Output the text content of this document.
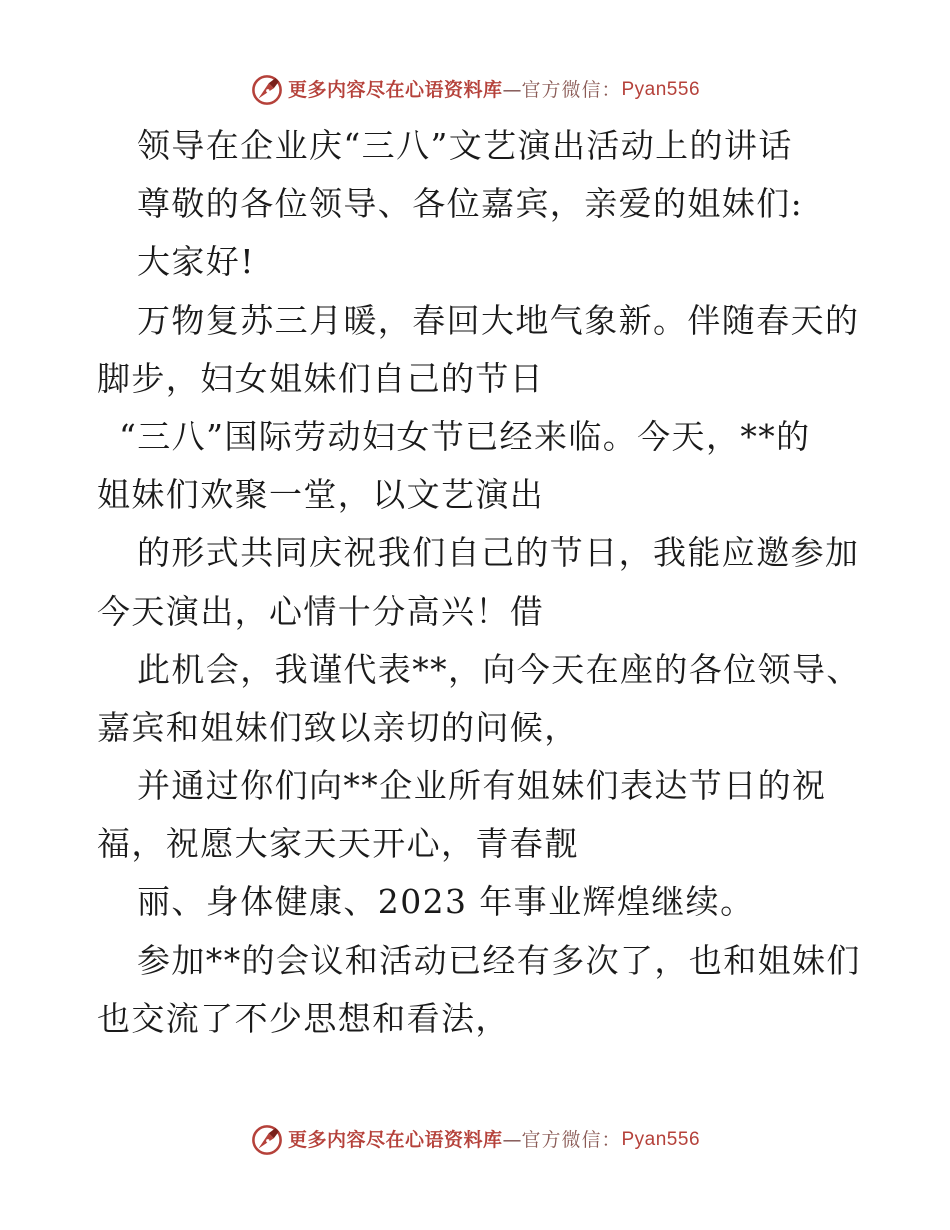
更多内容尽在心语资料库 — 官方微信： Pyan556
领导在企业庆“三八”文艺演出活动上的讲话
尊敬的各位领导、各位嘉宾，亲爱的姐妹们:
大家好!
万物复苏三月暖，春回大地气象新。伴随春天的
脚步，妇女姐妹们自己的节日
“三八”国际劳动妇女节已经来临。今天，**的
姐妹们欢聚一堂，以文艺演出
的形式共同庆祝我们自己的节日，我能应邀参加
今天演出，心情十分高兴！借
此机会，我谨代表**，向今天在座的各位领导、
嘉宾和姐妹们致以亲切的问候，
并通过你们向**企业所有姐妹们表达节日的祝
福，祝愿大家天天开心，青春靓
丽、身体健康、2023 年事业辉煌继续。
参加**的会议和活动已经有多次了，也和姐妹们
也交流了不少思想和看法，
更多内容尽在心语资料库 — 官方微信： Pyan556
